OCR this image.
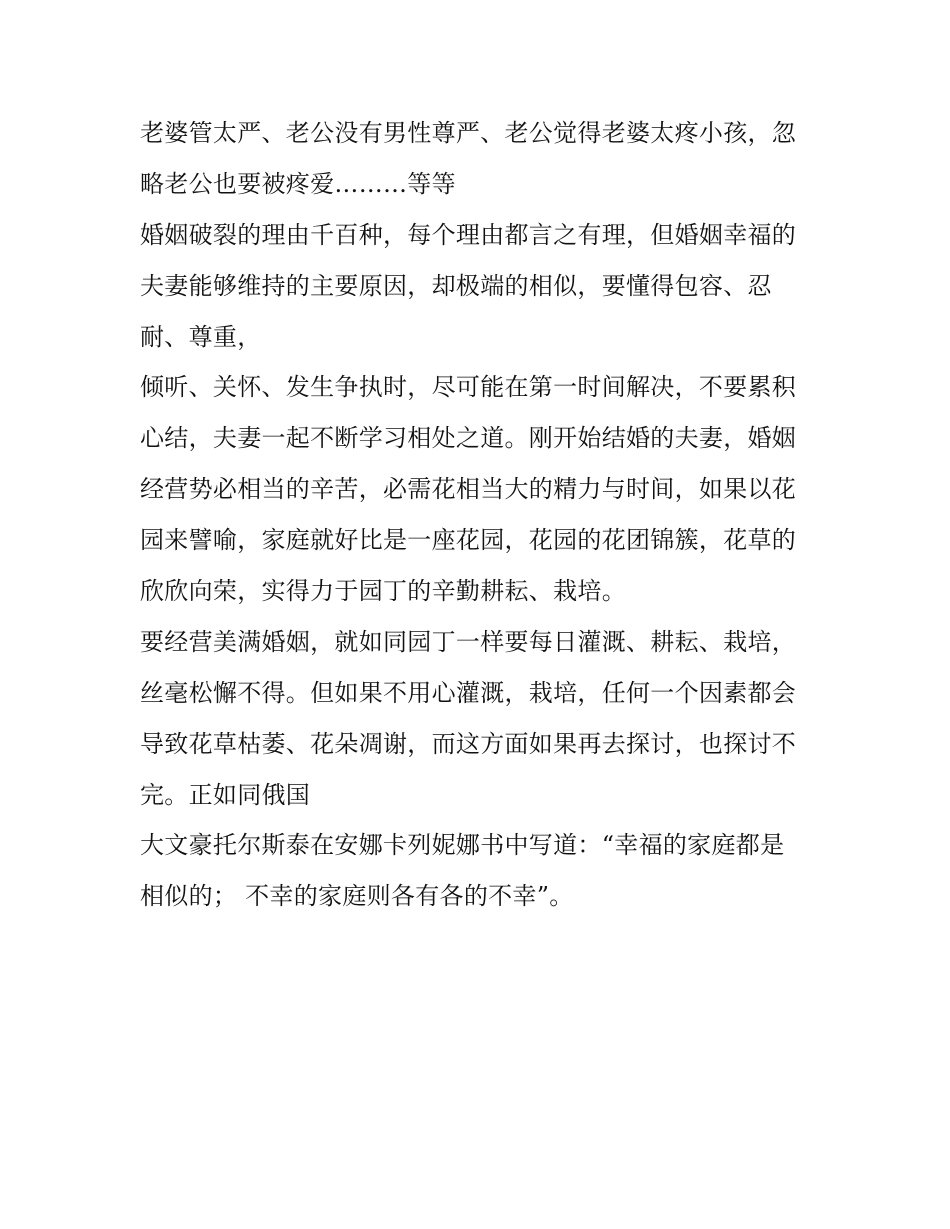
老婆管太严、老公没有男性尊严、老公觉得老婆太疼小孩，忽
略老公也要被疼爱………等等
婚姻破裂的理由千百种，每个理由都言之有理，但婚姻幸福的
夫妻能够维持的主要原因，却极端的相似，要懂得包容、忍
耐、尊重，
倾听、关怀、发生争执时，尽可能在第一时间解决，不要累积
心结，夫妻一起不断学习相处之道。刚开始结婚的夫妻，婚姻
经营势必相当的辛苦，必需花相当大的精力与时间，如果以花
园来譬喻，家庭就好比是一座花园，花园的花团锦簇，花草的
欣欣向荣，实得力于园丁的辛勤耕耘、栽培。
要经营美满婚姻，就如同园丁一样要每日灌溉、耕耘、栽培，
丝毫松懈不得。但如果不用心灌溉，栽培，任何一个因素都会
导致花草枯萎、花朵凋谢，而这方面如果再去探讨，也探讨不
完。正如同俄国
大文豪托尔斯泰在安娜卡列妮娜书中写道：“幸福的家庭都是
相似的； 不幸的家庭则各有各的不幸”。
